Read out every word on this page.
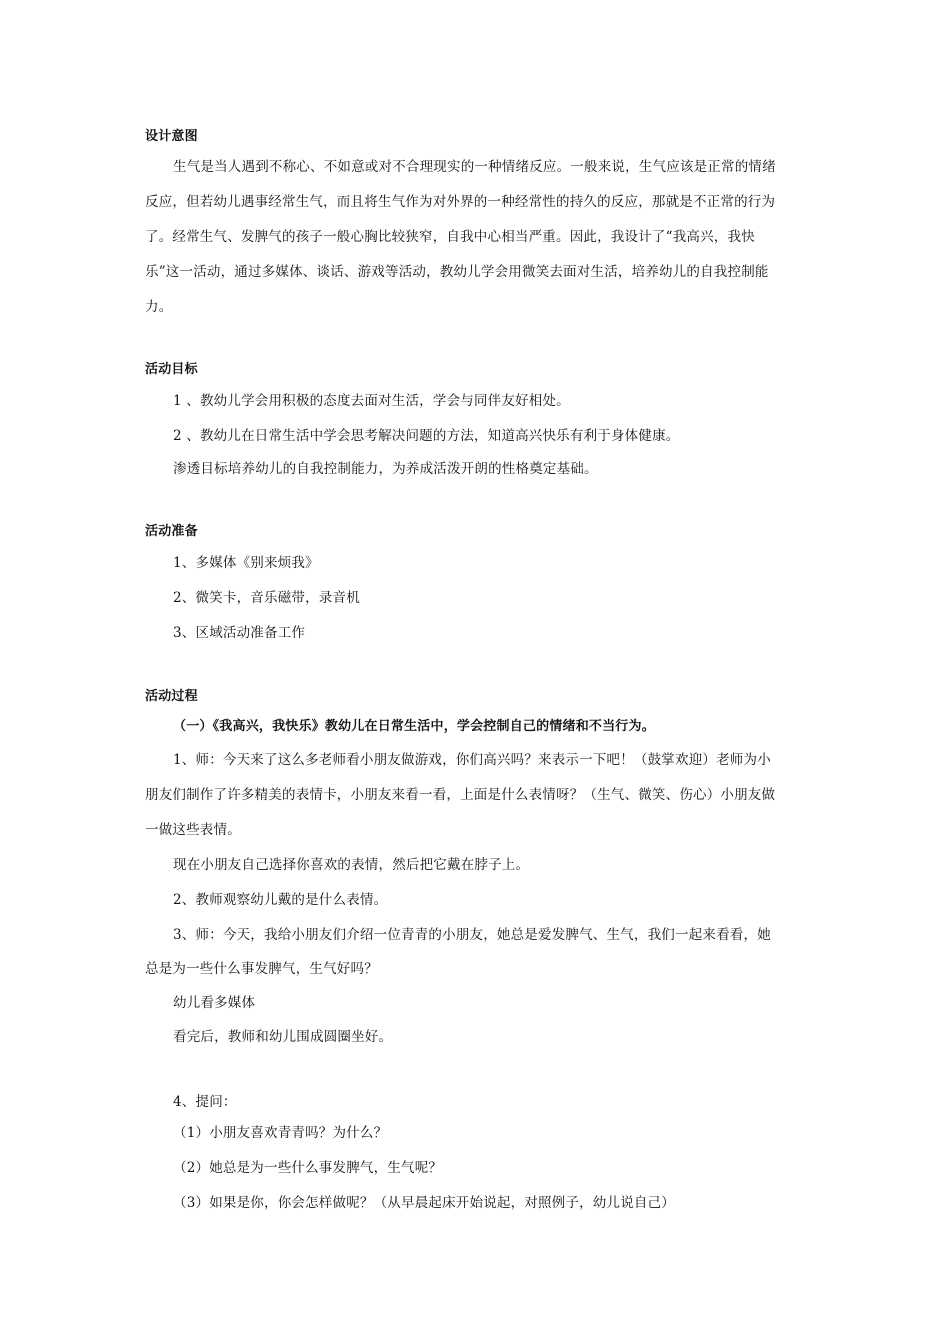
设计意图
生气是当人遇到不称心、不如意或对不合理现实的一种情绪反应。一般来说，生气应该是正常的情绪
反应，但若幼儿遇事经常生气，而且将生气作为对外界的一种经常性的持久的反应，那就是不正常的行为
了。经常生气、发脾气的孩子一般心胸比较狭窄，自我中心相当严重。因此，我设计了“我高兴，我快
乐”这一活动，通过多媒体、谈话、游戏等活动，教幼儿学会用微笑去面对生活，培养幼儿的自我控制能
力。
活动目标
1 、教幼儿学会用积极的态度去面对生活，学会与同伴友好相处。
2 、教幼儿在日常生活中学会思考解决问题的方法，知道高兴快乐有利于身体健康。
渗透目标培养幼儿的自我控制能力，为养成活泼开朗的性格奠定基础。
活动准备
1、多媒体《别来烦我》
2、微笑卡，音乐磁带，录音机
3、区域活动准备工作
活动过程
（一）《我高兴，我快乐》教幼儿在日常生活中，学会控制自己的情绪和不当行为。
1、师：今天来了这么多老师看小朋友做游戏，你们高兴吗？来表示一下吧！（鼓掌欢迎）老师为小
朋友们制作了许多精美的表情卡，小朋友来看一看，上面是什么表情呀？（生气、微笑、伤心）小朋友做
一做这些表情。
现在小朋友自己选择你喜欢的表情，然后把它戴在脖子上。
2、教师观察幼儿戴的是什么表情。
3、师：今天，我给小朋友们介绍一位青青的小朋友，她总是爱发脾气、生气，我们一起来看看，她
总是为一些什么事发脾气，生气好吗？
幼儿看多媒体
看完后，教师和幼儿围成圆圈坐好。
4、提问：
（1）小朋友喜欢青青吗？为什么？
（2）她总是为一些什么事发脾气，生气呢？
（3）如果是你，你会怎样做呢？（从早晨起床开始说起，对照例子，幼儿说自己）
